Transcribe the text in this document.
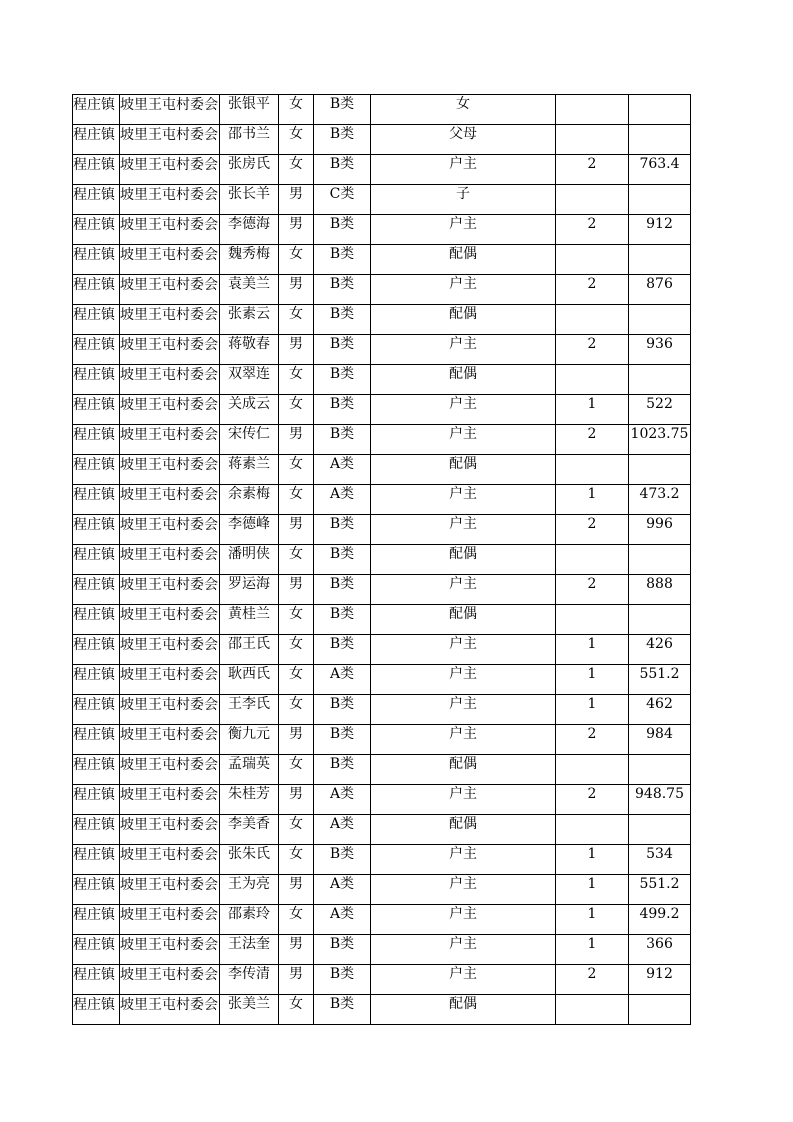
程庄镇	坡里王屯村委会	张银平	女	B类	女		

程庄镇	坡里王屯村委会	邵书兰	女	B类	父母		

程庄镇	坡里王屯村委会	张房氏	女	B类	户主	2	763.4

程庄镇	坡里王屯村委会	张长羊	男	C类	子		

程庄镇	坡里王屯村委会	李德海	男	B类	户主	2	912

程庄镇	坡里王屯村委会	魏秀梅	女	B类	配偶		

程庄镇	坡里王屯村委会	袁美兰	男	B类	户主	2	876

程庄镇	坡里王屯村委会	张素云	女	B类	配偶		

程庄镇	坡里王屯村委会	蒋敬春	男	B类	户主	2	936

程庄镇	坡里王屯村委会	双翠连	女	B类	配偶		

程庄镇	坡里王屯村委会	关成云	女	B类	户主	1	522

程庄镇	坡里王屯村委会	宋传仁	男	B类	户主	2	1023.75

程庄镇	坡里王屯村委会	蒋素兰	女	A类	配偶		

程庄镇	坡里王屯村委会	余素梅	女	A类	户主	1	473.2

程庄镇	坡里王屯村委会	李德峰	男	B类	户主	2	996

程庄镇	坡里王屯村委会	潘明侠	女	B类	配偶		

程庄镇	坡里王屯村委会	罗运海	男	B类	户主	2	888

程庄镇	坡里王屯村委会	黄桂兰	女	B类	配偶		

程庄镇	坡里王屯村委会	邵王氏	女	B类	户主	1	426

程庄镇	坡里王屯村委会	耿西氏	女	A类	户主	1	551.2

程庄镇	坡里王屯村委会	王李氏	女	B类	户主	1	462

程庄镇	坡里王屯村委会	衡九元	男	B类	户主	2	984

程庄镇	坡里王屯村委会	孟瑞英	女	B类	配偶		

程庄镇	坡里王屯村委会	朱桂芳	男	A类	户主	2	948.75

程庄镇	坡里王屯村委会	李美香	女	A类	配偶		

程庄镇	坡里王屯村委会	张朱氏	女	B类	户主	1	534

程庄镇	坡里王屯村委会	王为亮	男	A类	户主	1	551.2

程庄镇	坡里王屯村委会	邵素玲	女	A类	户主	1	499.2

程庄镇	坡里王屯村委会	王法奎	男	B类	户主	1	366

程庄镇	坡里王屯村委会	李传清	男	B类	户主	2	912

程庄镇	坡里王屯村委会	张美兰	女	B类	配偶		
